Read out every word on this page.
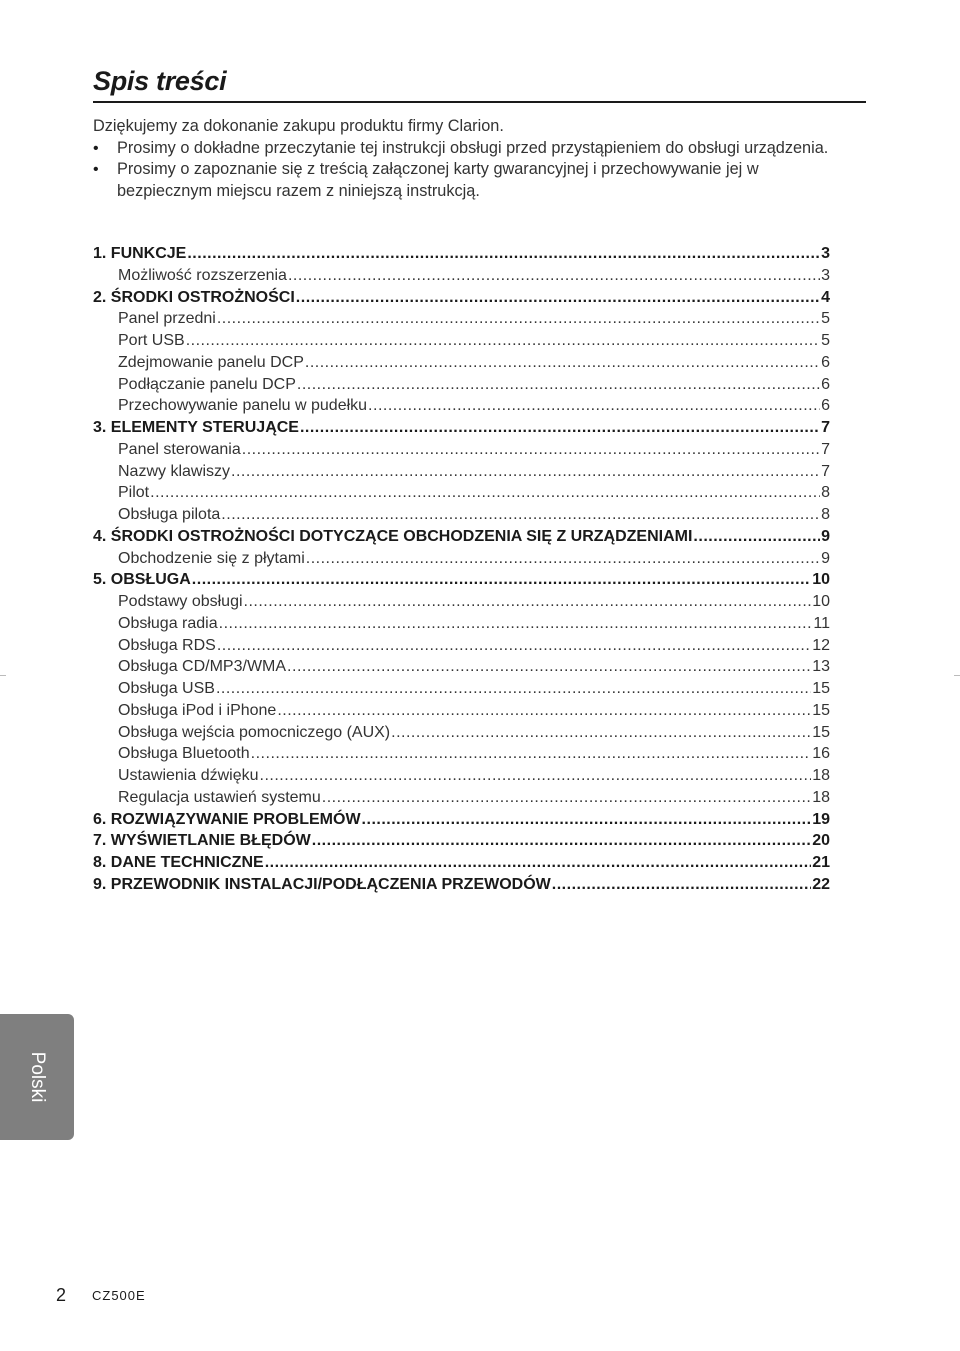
Spis treści

Dziękujemy za dokonanie zakupu produktu firmy Clarion.

• Prosimy o dokładne przeczytanie tej instrukcji obsługi przed przystąpieniem do obsługi urządzenia.
• Prosimy o zapoznanie się z treścią załączonej karty gwarancyjnej i przechowywanie jej w bezpiecznym miejscu razem z niniejszą instrukcją.
1. FUNKCJE .....	3
Możliwość rozszerzenia .....	3
2. ŚRODKI OSTROŻNOŚCI .....	4
Panel przedni .....	5
Port USB .....	5
Zdejmowanie panelu DCP .....	6
Podłączanie panelu DCP .....	6
Przechowywanie panelu w pudełku .....	6
3. ELEMENTY STERUJĄCE .....	7
Panel sterowania .....	7
Nazwy klawiszy .....	7
Pilot .....	8
Obsługa pilota .....	8
4. ŚRODKI OSTROŻNOŚCI DOTYCZĄCE OBCHODZENIA SIĘ Z URZĄDZENIAMI .....	9
Obchodzenie się z płytami .....	9
5. OBSŁUGA .....	10
Podstawy obsługi .....	10
Obsługa radia .....	11
Obsługa RDS .....	12
Obsługa CD/MP3/WMA .....	13
Obsługa USB .....	15
Obsługa iPod i iPhone .....	15
Obsługa wejścia pomocniczego (AUX) .....	15
Obsługa Bluetooth .....	16
Ustawienia dźwięku .....	18
Regulacja ustawień systemu .....	18
6. ROZWIĄZYWANIE PROBLEMÓW .....	19
7. WYŚWIETLANIE BŁĘDÓW .....	20
8. DANE TECHNICZNE .....	21
9. PRZEWODNIK INSTALACJI/PODŁĄCZENIA PRZEWODÓW .....	22
Polski
2 CZ500E
